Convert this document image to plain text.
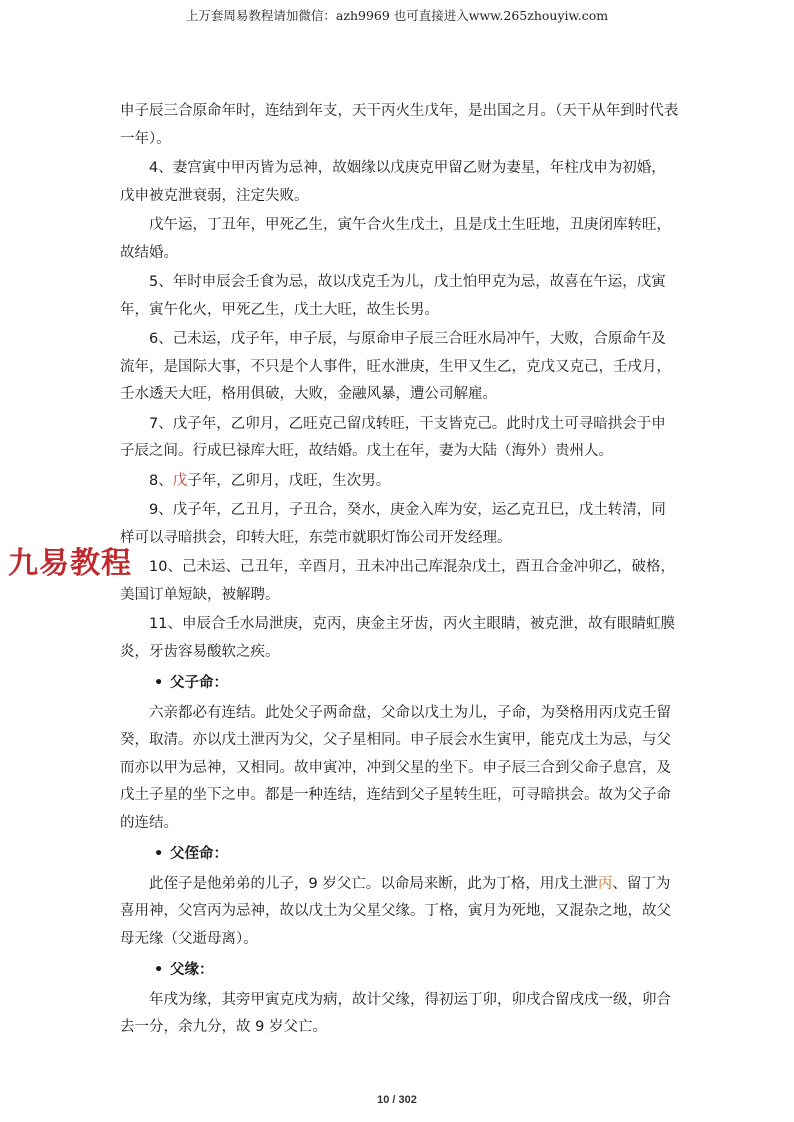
上万套周易教程请加微信：azh9969 也可直接进入www.265zhouyiw.com

申子辰三合原命年时，连结到年支，天干丙火生戊年，是出国之月。（天干从年到时代表一年）。

4、妻宫寅中甲丙皆为忌神，故姻缘以戊庚克甲留乙财为妻星，年柱戊申为初婚，戊申被克泄衰弱，注定失败。

戊午运，丁丑年，甲死乙生，寅午合火生戊土，且是戊土生旺地，丑庚闭库转旺，故结婚。

5、年时申辰会壬食为忌，故以戊克壬为儿，戊土怕甲克为忌，故喜在午运，戊寅年，寅午化火，甲死乙生，戊土大旺，故生长男。

6、己未运，戊子年，申子辰，与原命申子辰三合旺水局冲午，大败，合原命午及流年，是国际大事，不只是个人事件，旺水泄庚，生甲又生乙，克戊又克己，壬戌月，壬水透天大旺，格用俱破，大败，金融风暴，遭公司解雇。

7、戊子年，乙卯月，乙旺克己留戊转旺，干支皆克己。此时戊土可寻暗拱会于申子辰之间。行成巳禄库大旺，故结婚。戊土在年，妻为大陆（海外）贵州人。

8、戊子年，乙卯月，戊旺，生次男。

9、戊子年，乙丑月，子丑合，癸水，庚金入库为安，运乙克丑巳，戊土转清，同样可以寻暗拱会，印转大旺，东莞市就职灯饰公司开发经理。

10、己未运、己丑年，辛酉月，丑未冲出己库混杂戊土，酉丑合金冲卯乙，破格，美国订单短缺，被解聘。

11、申辰合壬水局泄庚，克丙，庚金主牙齿，丙火主眼睛，被克泄，故有眼睛虹膜炎，牙齿容易酸软之疾。

• 父子命：

六亲都必有连结。此处父子两命盘，父命以戊土为儿，子命，为癸格用丙戊克壬留癸，取清。亦以戊土泄丙为父，父子星相同。申子辰会水生寅甲，能克戊土为忌，与父而亦以甲为忌神，又相同。故申寅冲，冲到父星的坐下。申子辰三合到父命子息宫，及戊土子星的坐下之申。都是一种连结，连结到父子星转生旺，可寻暗拱会。故为父子命的连结。

• 父侄命：

此侄子是他弟弟的儿子，9 岁父亡。以命局来断，此为丁格，用戊土泄丙、留丁为喜用神，父宫丙为忌神，故以戊土为父星父缘。丁格，寅月为死地，又混杂之地，故父母无缘（父逝母离）。

• 父缘：

年戌为缘，其旁甲寅克戌为病，故计父缘，得初运丁卯，卯戌合留戌戌一级，卯合去一分，余九分，故 9 岁父亡。

九易教程
10 / 302
